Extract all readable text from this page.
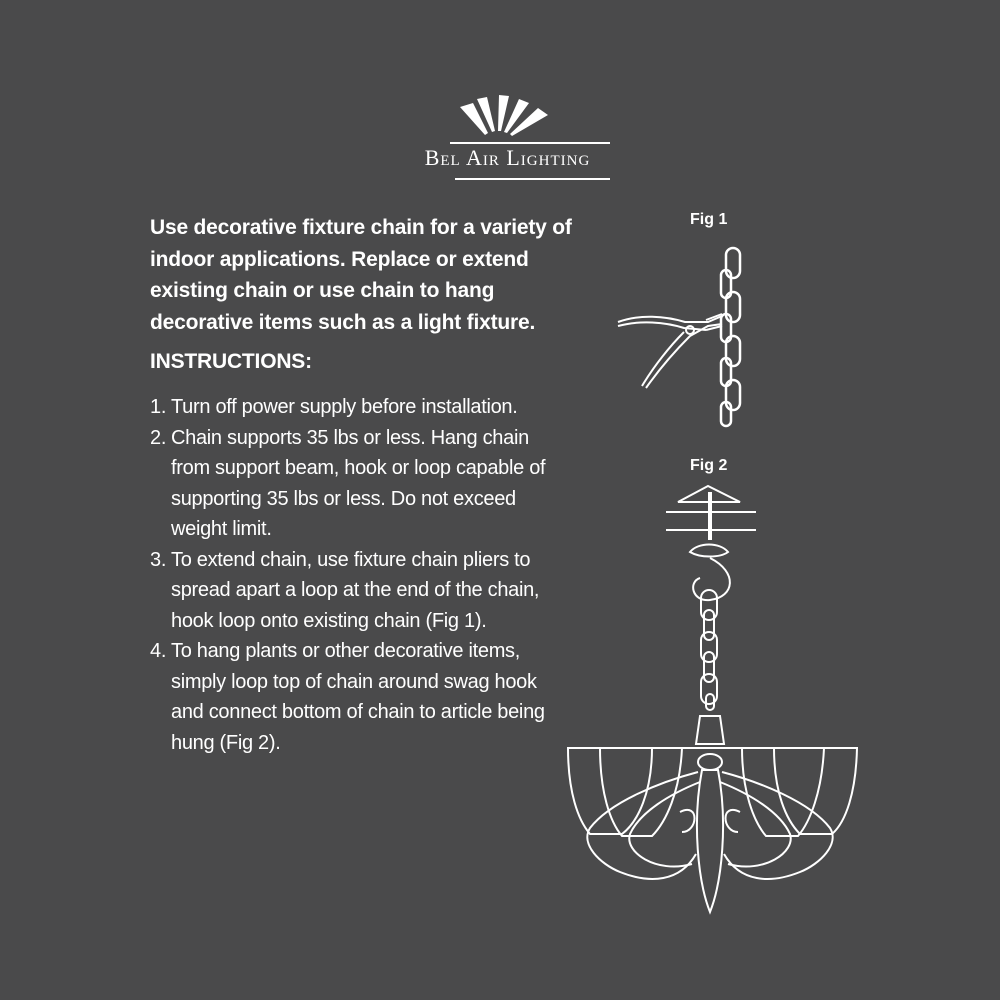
Bel Air Lighting
Use decorative fixture chain for a variety of indoor applications. Replace or extend existing chain or use chain to hang decorative items such as a light fixture.
INSTRUCTIONS:
1. Turn off power supply before installation.
2. Chain supports 35 lbs or less. Hang chain from support beam, hook or loop capable of supporting 35 lbs or less. Do not exceed weight limit.
3. To extend chain, use fixture chain pliers to spread apart a loop at the end of the chain, hook loop onto existing chain (Fig 1).
4. To hang plants or other decorative items, simply loop top of chain around swag hook and connect bottom of chain to article being hung (Fig 2).
Fig 1
Fig 2
